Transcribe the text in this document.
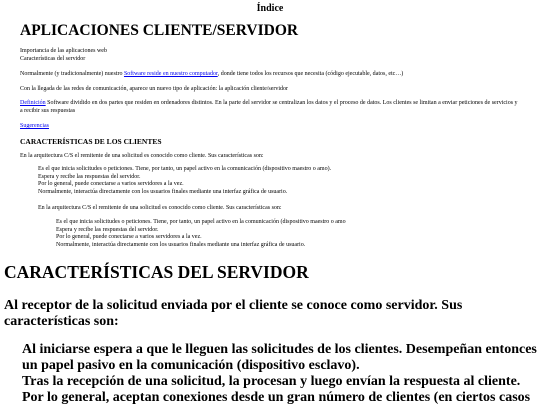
Índice
APLICACIONES CLIENTE/SERVIDOR
Importancia de las aplicaciones web
Características del servidor
Normalmente (y tradicionalmente) nuestro Software reside en nuestro computador, donde tiene todos los recursos que necesita (código ejecutable, datos, etc…)
Con la llegada de las redes de comunicación, aparece un nuevo tipo de aplicación: la aplicación cliente/servidor
Definición Software dividido en dos partes que residen en ordenadores distintos. En la parte del servidor se centralizan los datos y el proceso de datos. Los clientes se limitan a enviar peticiones de servicios y a recibir sus respuestas
Sugerencias
CARACTERÍSTICAS DE LOS CLIENTES
En la arquitectura C/S el remitente de una solicitud es conocido como cliente. Sus características son:
Es el que inicia solicitudes o peticiones. Tiene, por tanto, un papel activo en la comunicación (dispositivo maestro o amo).
Espera y recibe las respuestas del servidor.
Por lo general, puede conectarse a varios servidores a la vez.
Normalmente, interactúa directamente con los usuarios finales mediante una interfaz gráfica de usuario.
En la arquitectura C/S el remitente de una solicitud es conocido como cliente. Sus características son:
Es el que inicia solicitudes o peticiones. Tiene, por tanto, un papel activo en la comunicación (dispositivo maestro o amo
Espera y recibe las respuestas del servidor.
Por lo general, puede conectarse a varios servidores a la vez.
Normalmente, interactúa directamente con los usuarios finales mediante una interfaz gráfica de usuario.
CARACTERÍSTICAS DEL SERVIDOR

Al receptor de la solicitud enviada por el cliente se conoce como servidor. Sus características son:

Al iniciarse espera a que le lleguen las solicitudes de los clientes. Desempeñan entonces un papel pasivo en la comunicación (dispositivo esclavo).
Tras la recepción de una solicitud, la procesan y luego envían la respuesta al cliente.
Por lo general, aceptan conexiones desde un gran número de clientes (en ciertos casos
